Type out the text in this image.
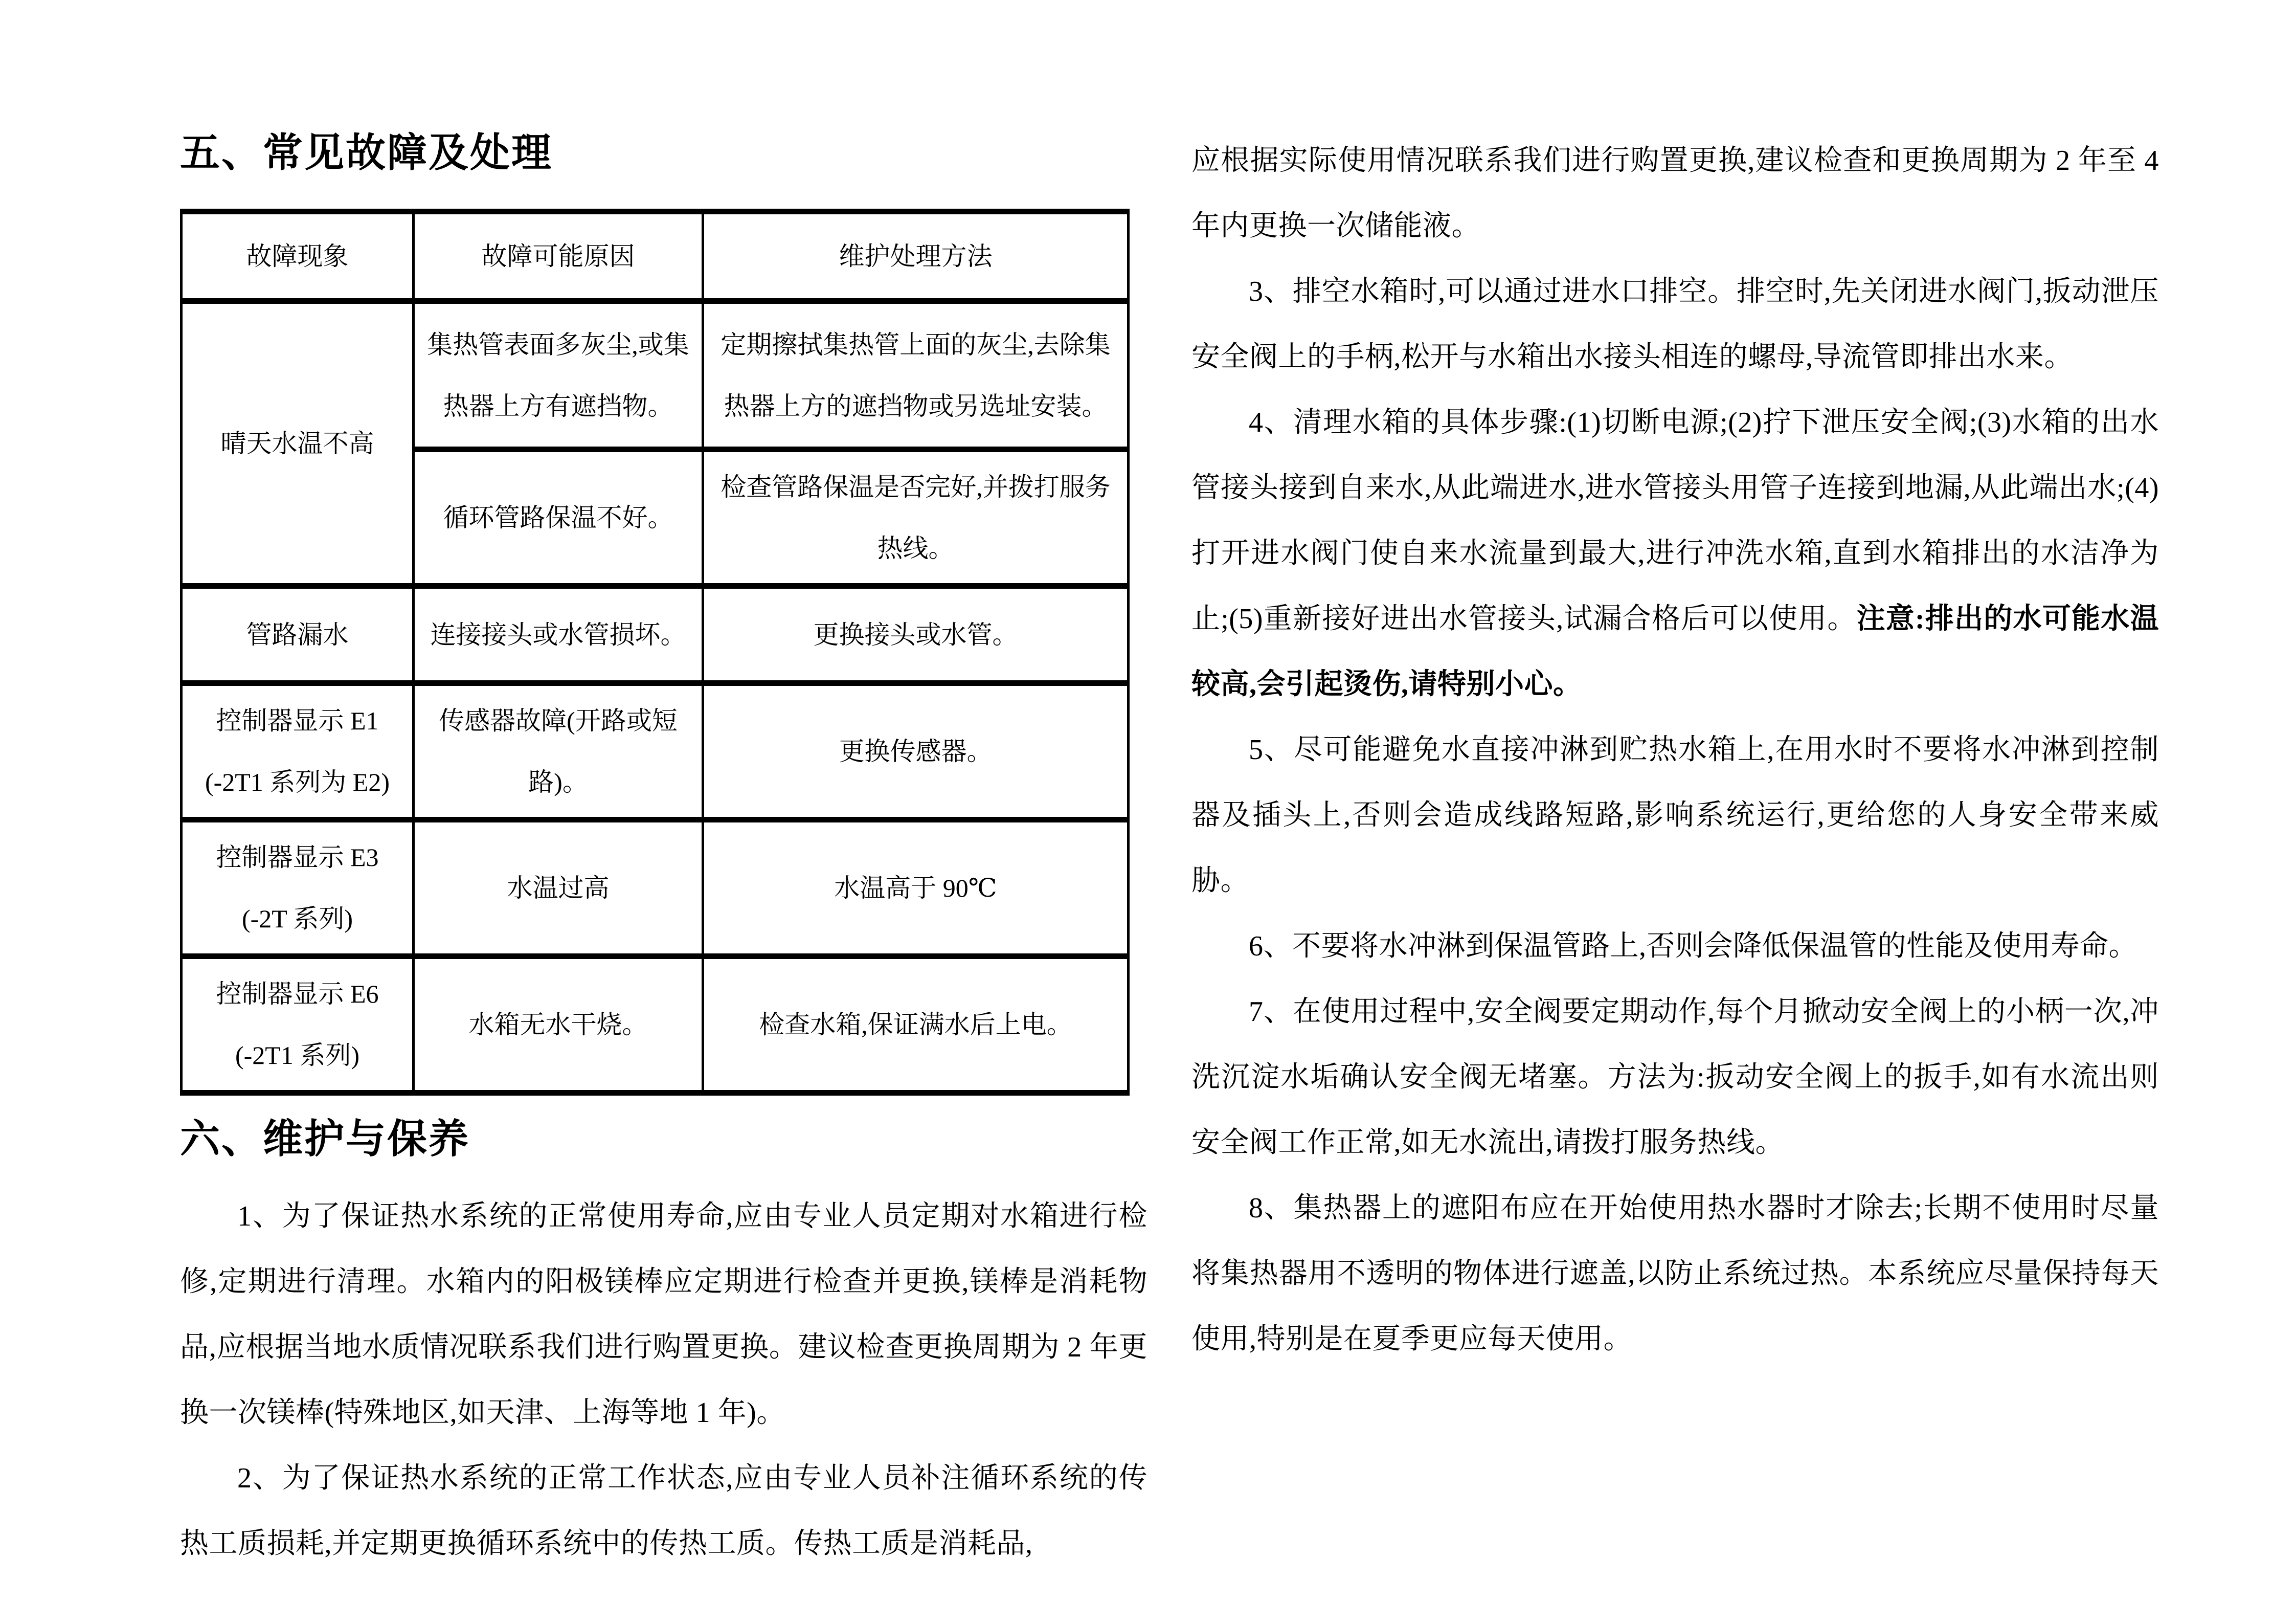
五、常见故障及处理
故障现象	故障可能原因	维护处理方法
晴天水温不高	集热管表面多灰尘,或集热器上方有遮挡物。	定期擦拭集热管上面的灰尘,去除集热器上方的遮挡物或另选址安装。
	循环管路保温不好。	检查管路保温是否完好,并拨打服务热线。
管路漏水	连接接头或水管损坏。	更换接头或水管。

控制器显示 E1
(-2T1 系列为 E2)	传感器故障(开路或短路)。	更换传感器。

控制器显示 E3
(-2T 系列)	水温过高	水温高于 90℃

控制器显示 E6
(-2T1 系列)	水箱无水干烧。	检查水箱,保证满水后上电。
六、维护与保养

1、为了保证热水系统的正常使用寿命,应由专业人员定期对水箱进行检修,定期进行清理。水箱内的阳极镁棒应定期进行检查并更换,镁棒是消耗物品,应根据当地水质情况联系我们进行购置更换。建议检查更换周期为 2 年更换一次镁棒(特殊地区,如天津、上海等地 1 年)。

2、为了保证热水系统的正常工作状态,应由专业人员补注循环系统的传热工质损耗,并定期更换循环系统中的传热工质。传热工质是消耗品,

应根据实际使用情况联系我们进行购置更换,建议检查和更换周期为 2 年至 4 年内更换一次储能液。

3、排空水箱时,可以通过进水口排空。排空时,先关闭进水阀门,扳动泄压安全阀上的手柄,松开与水箱出水接头相连的螺母,导流管即排出水来。

4、清理水箱的具体步骤:(1)切断电源;(2)拧下泄压安全阀;(3)水箱的出水管接头接到自来水,从此端进水,进水管接头用管子连接到地漏,从此端出水;(4)打开进水阀门使自来水流量到最大,进行冲洗水箱,直到水箱排出的水洁净为止;(5)重新接好进出水管接头,试漏合格后可以使用。注意:排出的水可能水温较高,会引起烫伤,请特别小心。

5、尽可能避免水直接冲淋到贮热水箱上,在用水时不要将水冲淋到控制器及插头上,否则会造成线路短路,影响系统运行,更给您的人身安全带来威胁。

6、不要将水冲淋到保温管路上,否则会降低保温管的性能及使用寿命。

7、在使用过程中,安全阀要定期动作,每个月掀动安全阀上的小柄一次,冲洗沉淀水垢确认安全阀无堵塞。方法为:扳动安全阀上的扳手,如有水流出则安全阀工作正常,如无水流出,请拨打服务热线。

8、集热器上的遮阳布应在开始使用热水器时才除去;长期不使用时尽量将集热器用不透明的物体进行遮盖,以防止系统过热。本系统应尽量保持每天使用,特别是在夏季更应每天使用。
